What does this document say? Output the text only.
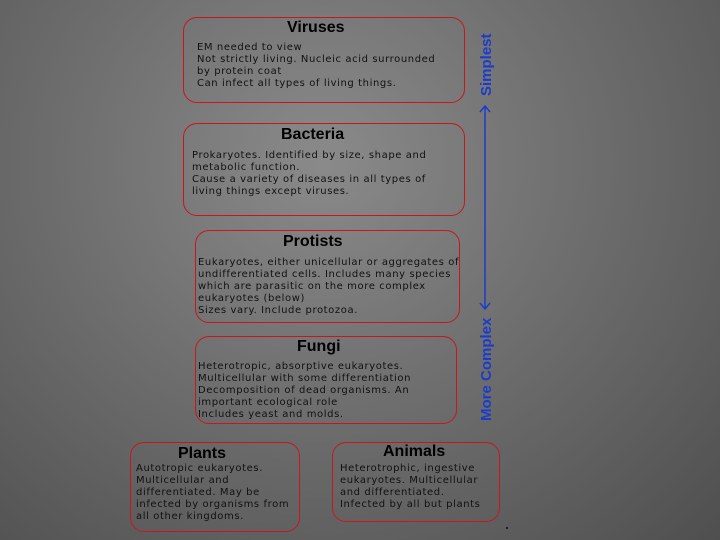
Viruses
EM needed to view
Not strictly living. Nucleic acid surrounded by protein coat
Can infect all types of living things.
Bacteria
Prokaryotes. Identified by size, shape and metabolic function.
Cause a variety of diseases in all types of living things except viruses.
Protists
Eukaryotes, either unicellular or aggregates of undifferentiated cells. Includes many species which are parasitic on the more complex eukaryotes (below)
Sizes vary. Include protozoa.
Fungi
Heterotropic, absorptive eukaryotes. Multicellular with some differentiation
Decomposition of dead organisms. An important ecological role
Includes yeast and molds.
Plants
Autotropic eukaryotes. Multicellular and differentiated. May be infected by organisms from all other kingdoms.
Animals
Heterotrophic, ingestive eukaryotes. Multicellular and differentiated.
Infected by all but plants
Simplest
More Complex
